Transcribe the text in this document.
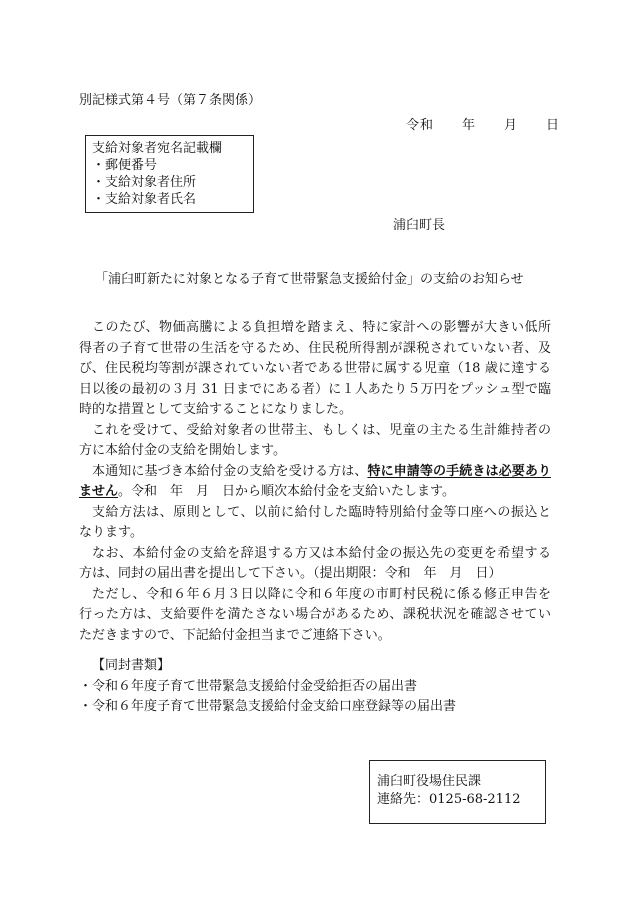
別記様式第４号（第７条関係）
令和　　年　　月　　日
支給対象者宛名記載欄
・郵便番号
・支給対象者住所
・支給対象者氏名
浦臼町長
「浦臼町新たに対象となる子育て世帯緊急支援給付金」の支給のお知らせ
このたび、物価高騰による負担増を踏まえ、特に家計への影響が大きい低所
得者の子育て世帯の生活を守るため、住民税所得割が課税されていない者、及
び、住民税均等割が課されていない者である世帯に属する児童（18 歳に達する
日以後の最初の３月 31 日までにある者）に１人あたり５万円をプッシュ型で臨
時的な措置として支給することになりました。
これを受けて、受給対象者の世帯主、もしくは、児童の主たる生計維持者の
方に本給付金の支給を開始します。
本通知に基づき本給付金の支給を受ける方は、特に申請等の手続きは必要あり
ません。令和　年　月　日から順次本給付金を支給いたします。
支給方法は、原則として、以前に給付した臨時特別給付金等口座への振込と
なります。
なお、本給付金の支給を辞退する方又は本給付金の振込先の変更を希望する
方は、同封の届出書を提出して下さい。（提出期限：令和　年　月　日）
ただし、令和６年６月３日以降に令和６年度の市町村民税に係る修正申告を
行った方は、支給要件を満たさない場合があるため、課税状況を確認させてい
ただきますので、下記給付金担当までご連絡下さい。
【同封書類】
・令和６年度子育て世帯緊急支援給付金受給拒否の届出書
・令和６年度子育て世帯緊急支援給付金支給口座登録等の届出書
浦臼町役場住民課
連絡先：0125-68-2112
